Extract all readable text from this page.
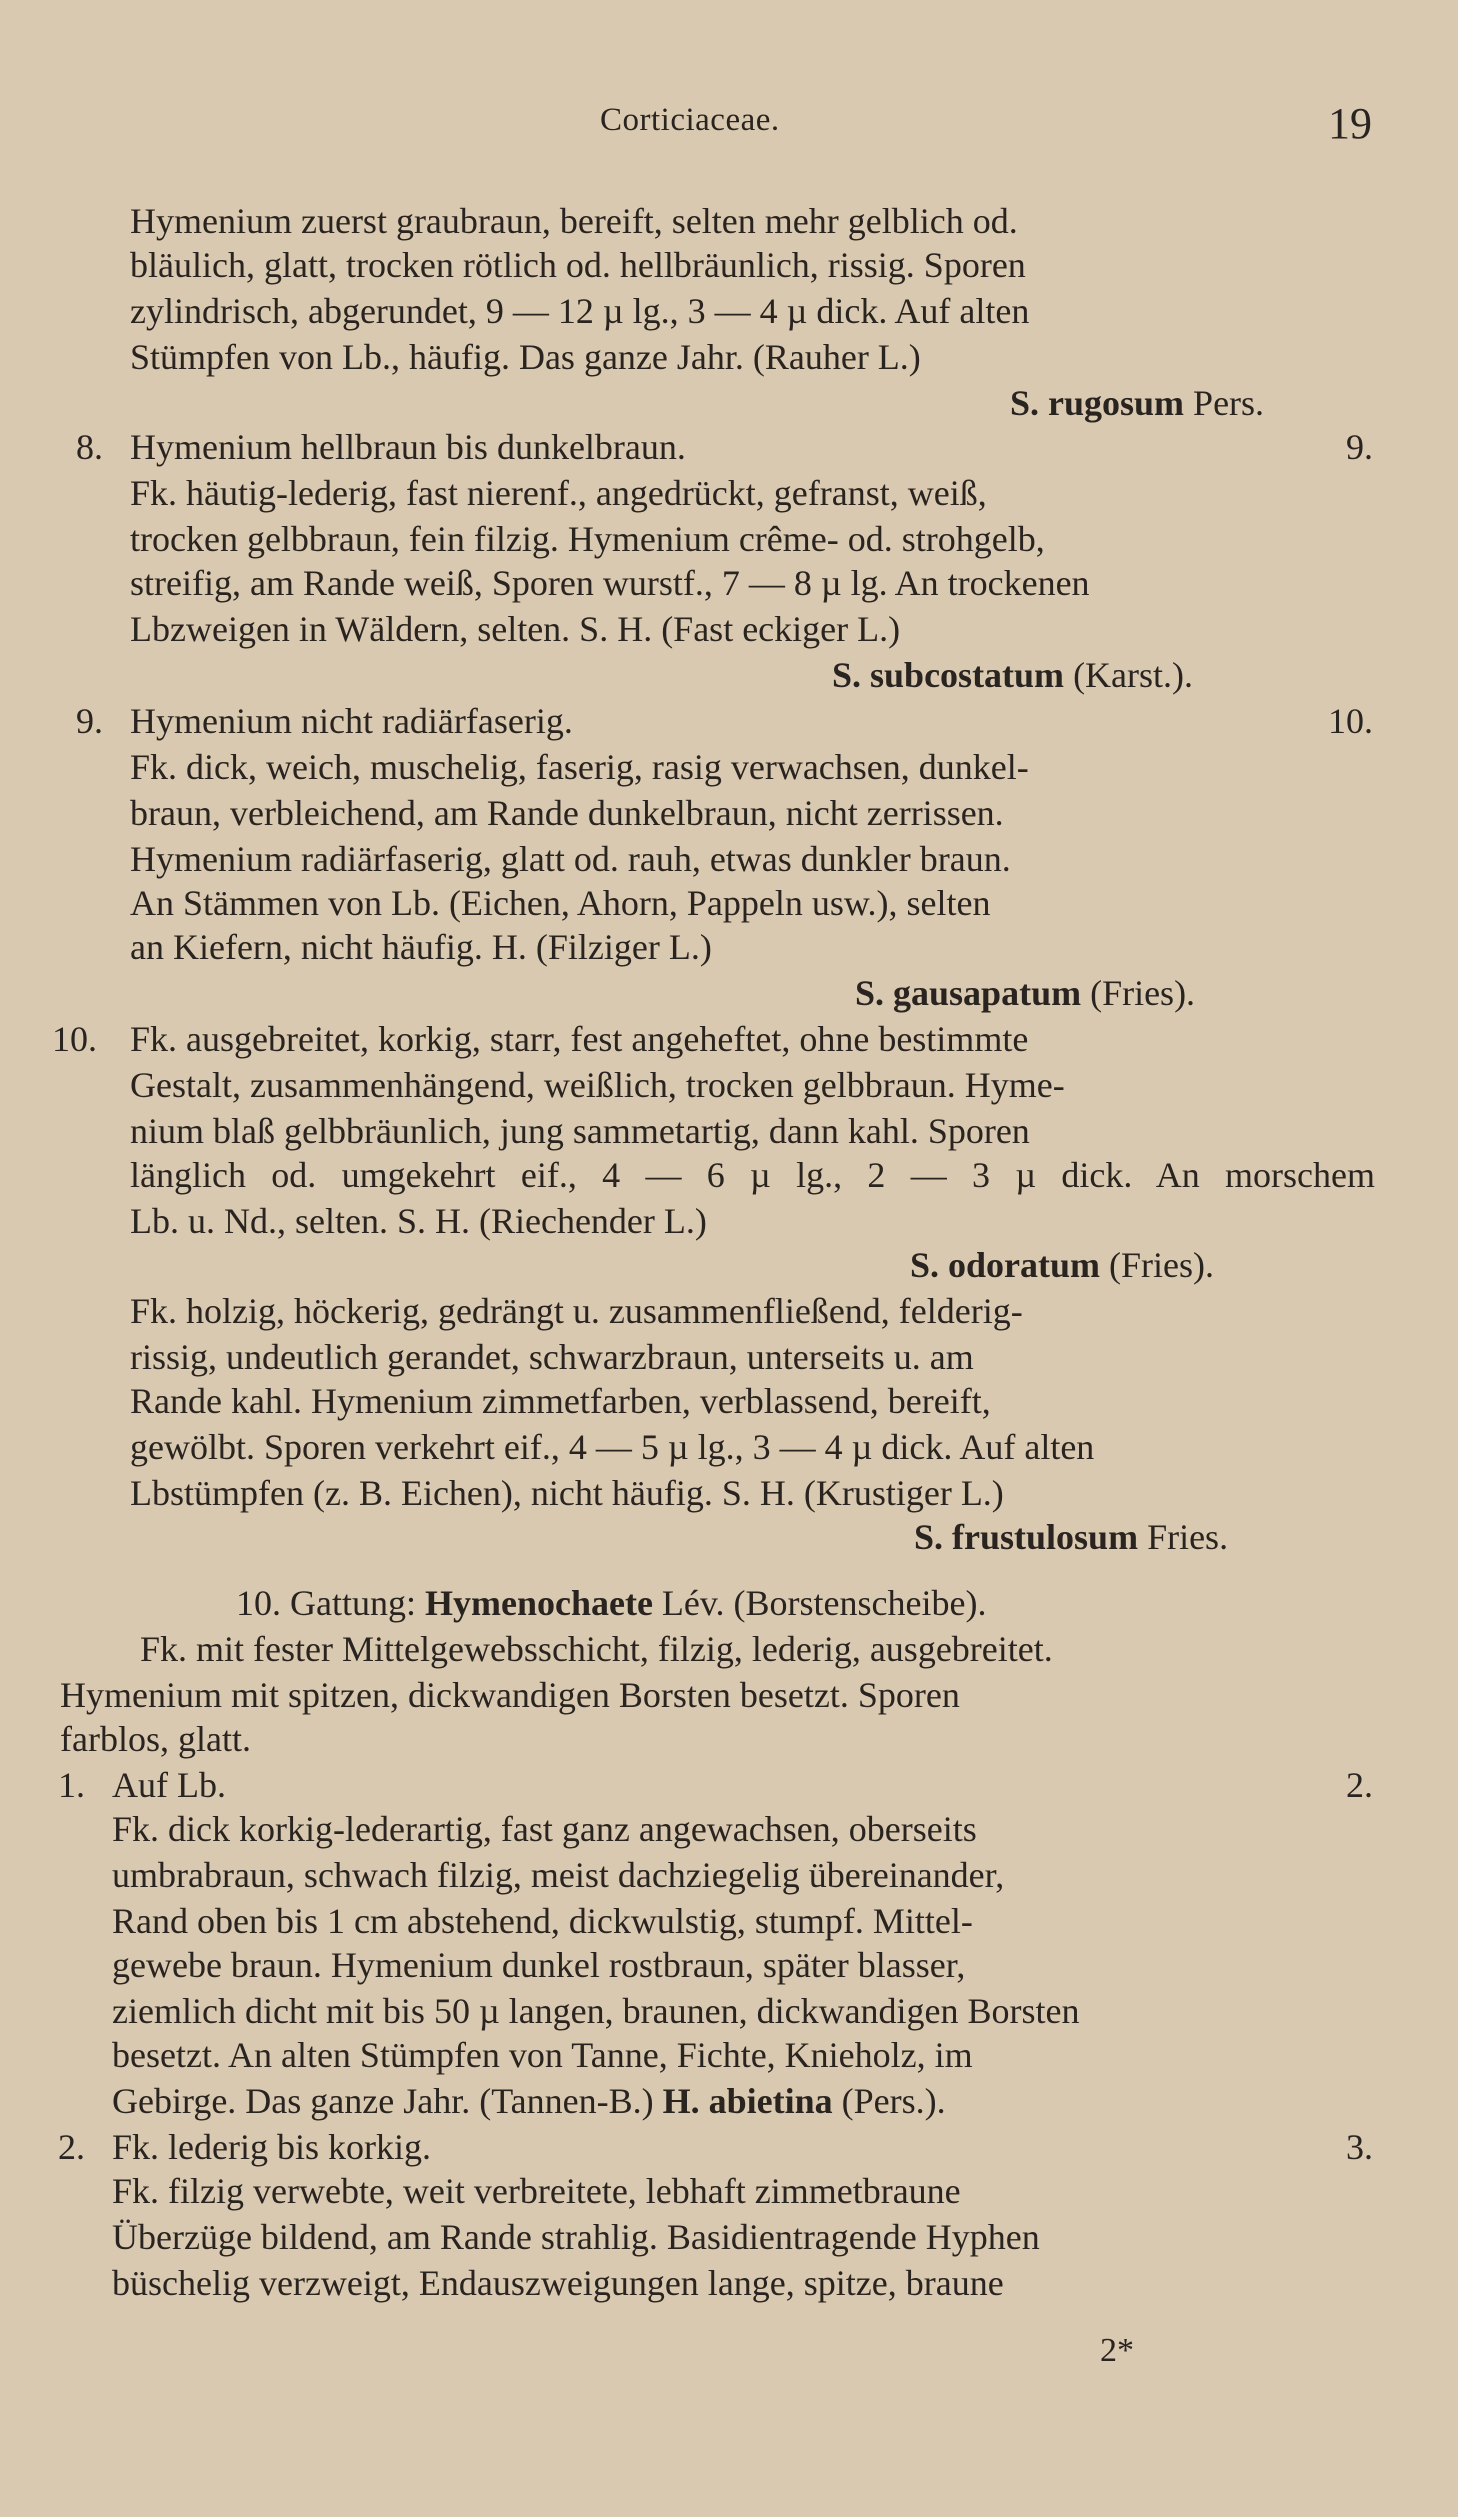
Corticiaceae.	19
Hymenium zuerst graubraun, bereift, selten mehr gelblich od.
bläulich, glatt, trocken rötlich od. hellbräunlich, rissig. Sporen
zylindrisch, abgerundet, 9 — 12 µ lg., 3 — 4 µ dick. Auf alten
Stümpfen von Lb., häufig. Das ganze Jahr. (Rauher L.)
S. rugosum Pers.
8. Hymenium hellbraun bis dunkelbraun.	9.
Fk. häutig-lederig, fast nierenf., angedrückt, gefranst, weiß,
trocken gelbbraun, fein filzig. Hymenium crême- od. strohgelb,
streifig, am Rande weiß, Sporen wurstf., 7 — 8 µ lg. An trockenen
Lbzweigen in Wäldern, selten. S. H. (Fast eckiger L.)
S. subcostatum (Karst.).
9. Hymenium nicht radiärfaserig.	10.
Fk. dick, weich, muschelig, faserig, rasig verwachsen, dunkel-
braun, verbleichend, am Rande dunkelbraun, nicht zerrissen.
Hymenium radiärfaserig, glatt od. rauh, etwas dunkler braun.
An Stämmen von Lb. (Eichen, Ahorn, Pappeln usw.), selten
an Kiefern, nicht häufig. H. (Filziger L.)
S. gausapatum (Fries).
10. Fk. ausgebreitet, korkig, starr, fest angeheftet, ohne bestimmte
Gestalt, zusammenhängend, weißlich, trocken gelbbraun. Hyme-
nium blaß gelbbräunlich, jung sammetartig, dann kahl. Sporen
länglich od. umgekehrt eif., 4 — 6 µ lg., 2 — 3 µ dick. An morschem
Lb. u. Nd., selten. S. H. (Riechender L.)
S. odoratum (Fries).
Fk. holzig, höckerig, gedrängt u. zusammenfließend, felderig-
rissig, undeutlich gerandet, schwarzbraun, unterseits u. am
Rande kahl. Hymenium zimmetfarben, verblassend, bereift,
gewölbt. Sporen verkehrt eif., 4 — 5 µ lg., 3 — 4 µ dick. Auf alten
Lbstümpfen (z. B. Eichen), nicht häufig. S. H. (Krustiger L.)
S. frustulosum Fries.
10. Gattung: Hymenochaete Lév. (Borstenscheibe).
Fk. mit fester Mittelgewebsschicht, filzig, lederig, ausgebreitet.
Hymenium mit spitzen, dickwandigen Borsten besetzt. Sporen
farblos, glatt.
1. Auf Lb.	2.
Fk. dick korkig-lederartig, fast ganz angewachsen, oberseits
umbrabraun, schwach filzig, meist dachziegelig übereinander,
Rand oben bis 1 cm abstehend, dickwulstig, stumpf. Mittel-
gewebe braun. Hymenium dunkel rostbraun, später blasser,
ziemlich dicht mit bis 50 µ langen, braunen, dickwandigen Borsten
besetzt. An alten Stümpfen von Tanne, Fichte, Knieholz, im
Gebirge. Das ganze Jahr. (Tannen-B.) H. abietina (Pers.).
2. Fk. lederig bis korkig.	3.
Fk. filzig verwebte, weit verbreitete, lebhaft zimmetbraune
Überzüge bildend, am Rande strahlig. Basidientragende Hyphen
büschelig verzweigt, Endauszweigungen lange, spitze, braune
2*
